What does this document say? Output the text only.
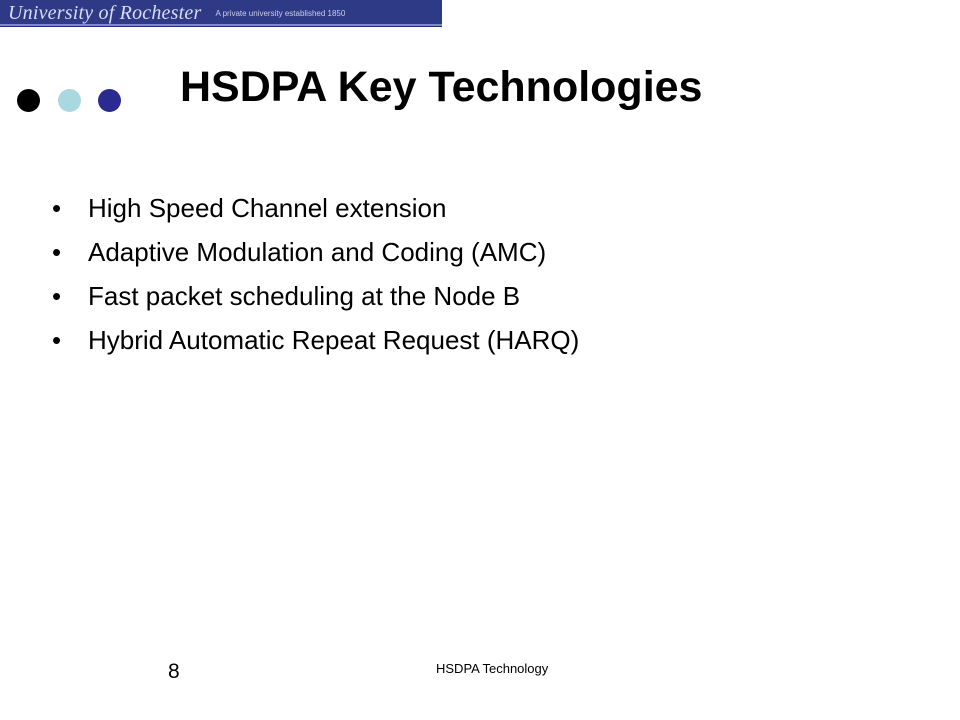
University of Rochester A private university established 1850
HSDPA Key Technologies
•	High Speed Channel extension
•	Adaptive Modulation and Coding (AMC)
•	Fast packet scheduling at the Node B
•	Hybrid Automatic Repeat Request (HARQ)
8	HSDPA Technology
